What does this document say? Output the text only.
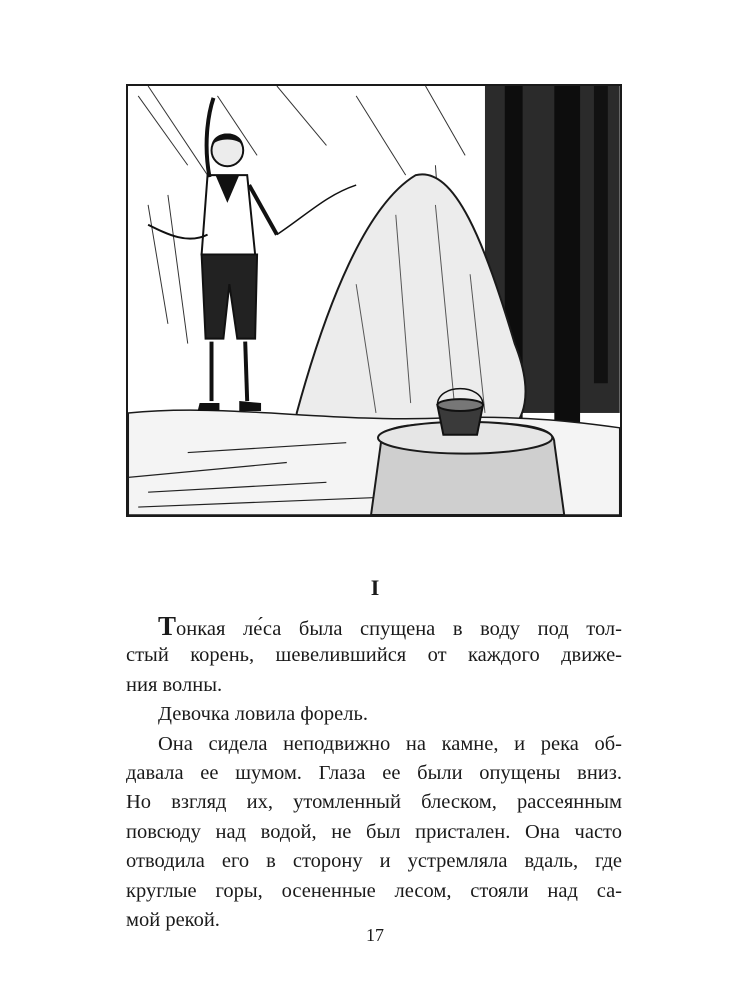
I
Тонкая ле́са была спущена в воду под тол-
стый корень, шевелившийся от каждого движе-
ния волны.
Девочка ловила форель.
Она сидела неподвижно на камне, и река об-
давала ее шумом. Глаза ее были опущены вниз.
Но взгляд их, утомленный блеском, рассеянным
повсюду над водой, не был пристален. Она часто
отводила его в сторону и устремляла вдаль, где
круглые горы, осененные лесом, стояли над са-
мой рекой.
17
